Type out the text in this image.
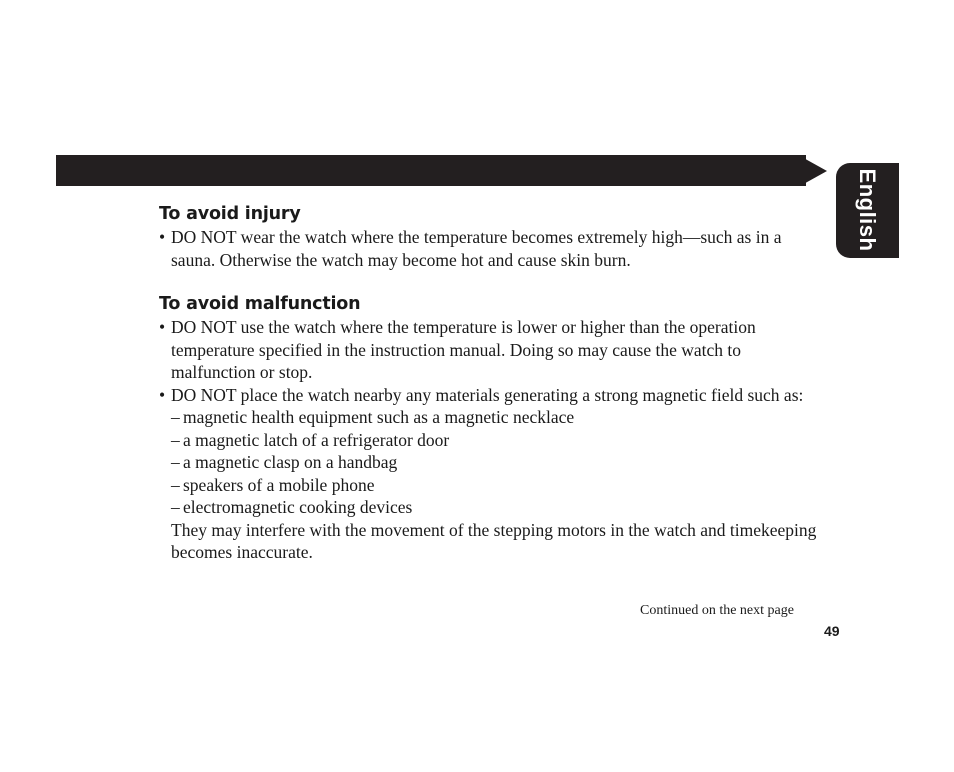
English
To avoid injury
• DO NOT wear the watch where the temperature becomes extremely high—such as in a sauna. Otherwise the watch may become hot and cause skin burn.
To avoid malfunction
• DO NOT use the watch where the temperature is lower or higher than the operation temperature specified in the instruction manual. Doing so may cause the watch to malfunction or stop.
• DO NOT place the watch nearby any materials generating a strong magnetic field such as:
– magnetic health equipment such as a magnetic necklace
– a magnetic latch of a refrigerator door
– a magnetic clasp on a handbag
– speakers of a mobile phone
– electromagnetic cooking devices
They may interfere with the movement of the stepping motors in the watch and timekeeping becomes inaccurate.
Continued on the next page
49
